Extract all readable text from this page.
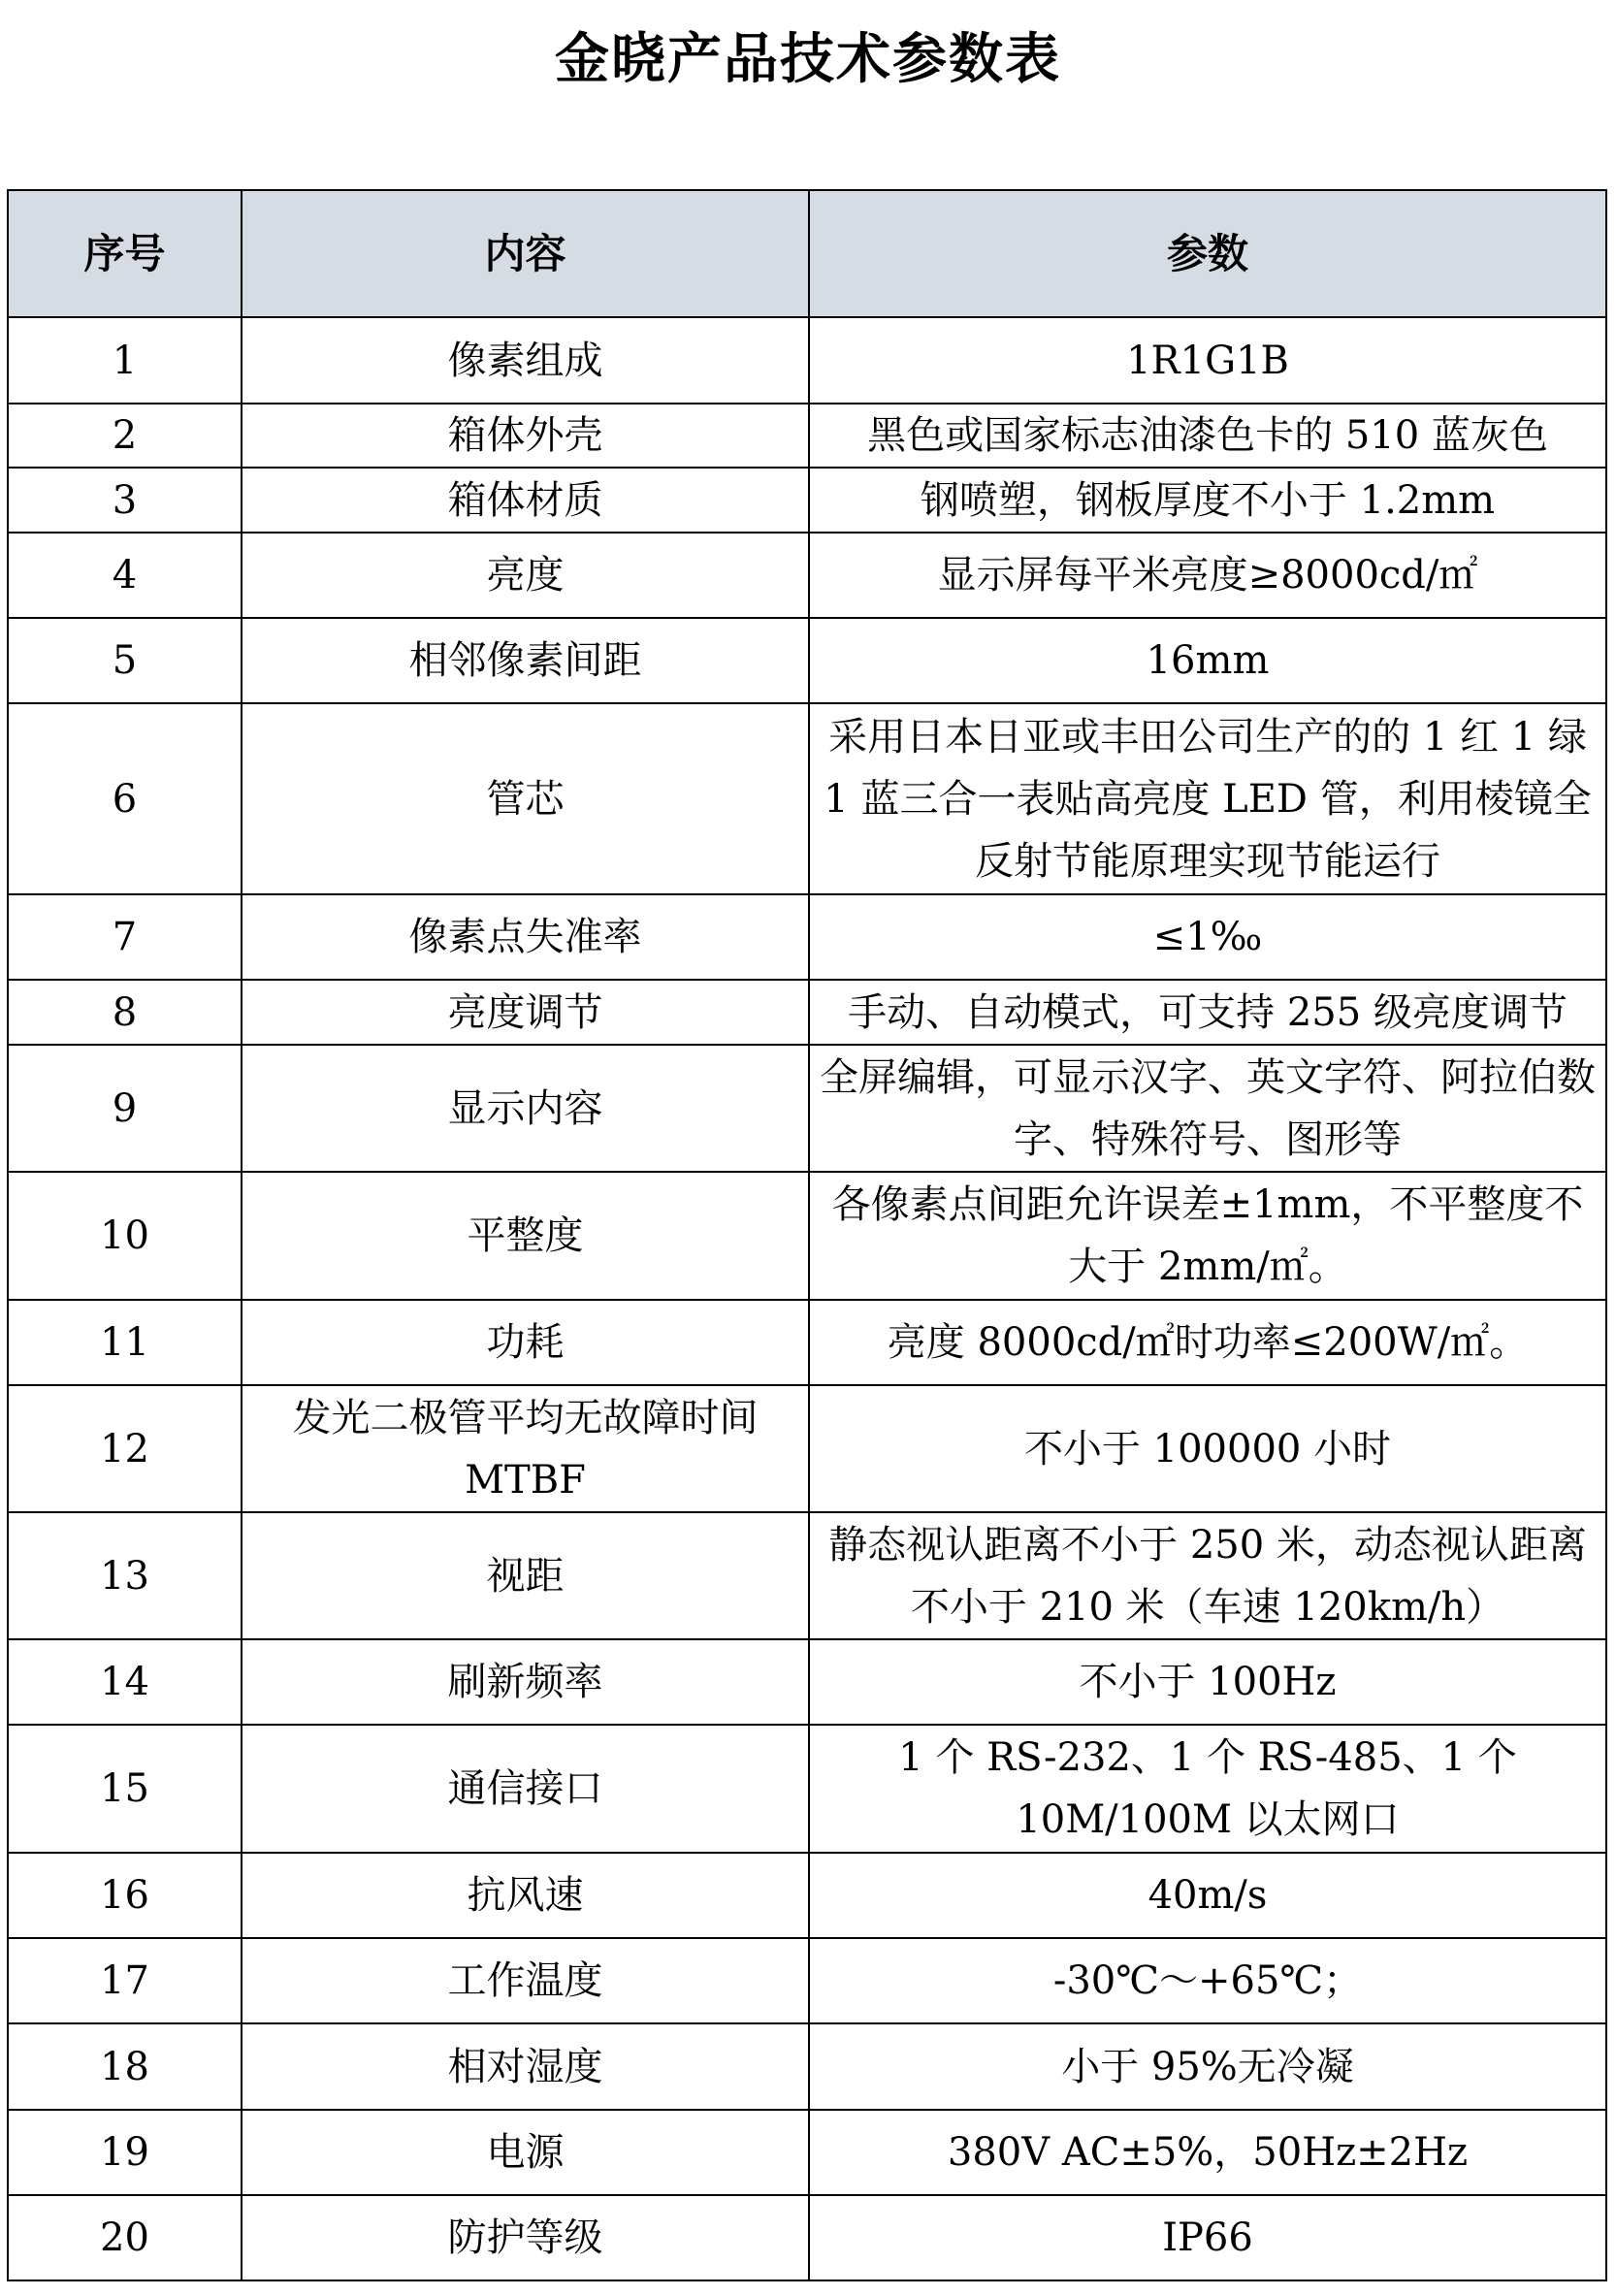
金晓产品技术参数表
序号	内容	参数
1	像素组成	1R1G1B
2	箱体外壳	黑色或国家标志油漆色卡的 510 蓝灰色
3	箱体材质	钢喷塑，钢板厚度不小于 1.2mm
4	亮度	显示屏每平米亮度≥8000cd/㎡
5	相邻像素间距	16mm
6	管芯	采用日本日亚或丰田公司生产的的 1 红 1 绿 1 蓝三合一表贴高亮度 LED 管，利用棱镜全反射节能原理实现节能运行
7	像素点失准率	≤1‰
8	亮度调节	手动、自动模式，可支持 255 级亮度调节
9	显示内容	全屏编辑，可显示汉字、英文字符、阿拉伯数字、特殊符号、图形等
10	平整度	各像素点间距允许误差±1mm，不平整度不大于 2mm/㎡。
11	功耗	亮度 8000cd/㎡时功率≤200W/㎡。
12	发光二极管平均无故障时间MTBF	不小于 100000 小时
13	视距	静态视认距离不小于 250 米，动态视认距离不小于 210 米（车速 120km/h）
14	刷新频率	不小于 100Hz
15	通信接口	1 个 RS-232、1 个 RS-485、1 个10M/100M 以太网口
16	抗风速	40m/s
17	工作温度	-30℃～+65℃；
18	相对湿度	小于 95%无冷凝
19	电源	380V AC±5%，50Hz±2Hz
20	防护等级	IP66
